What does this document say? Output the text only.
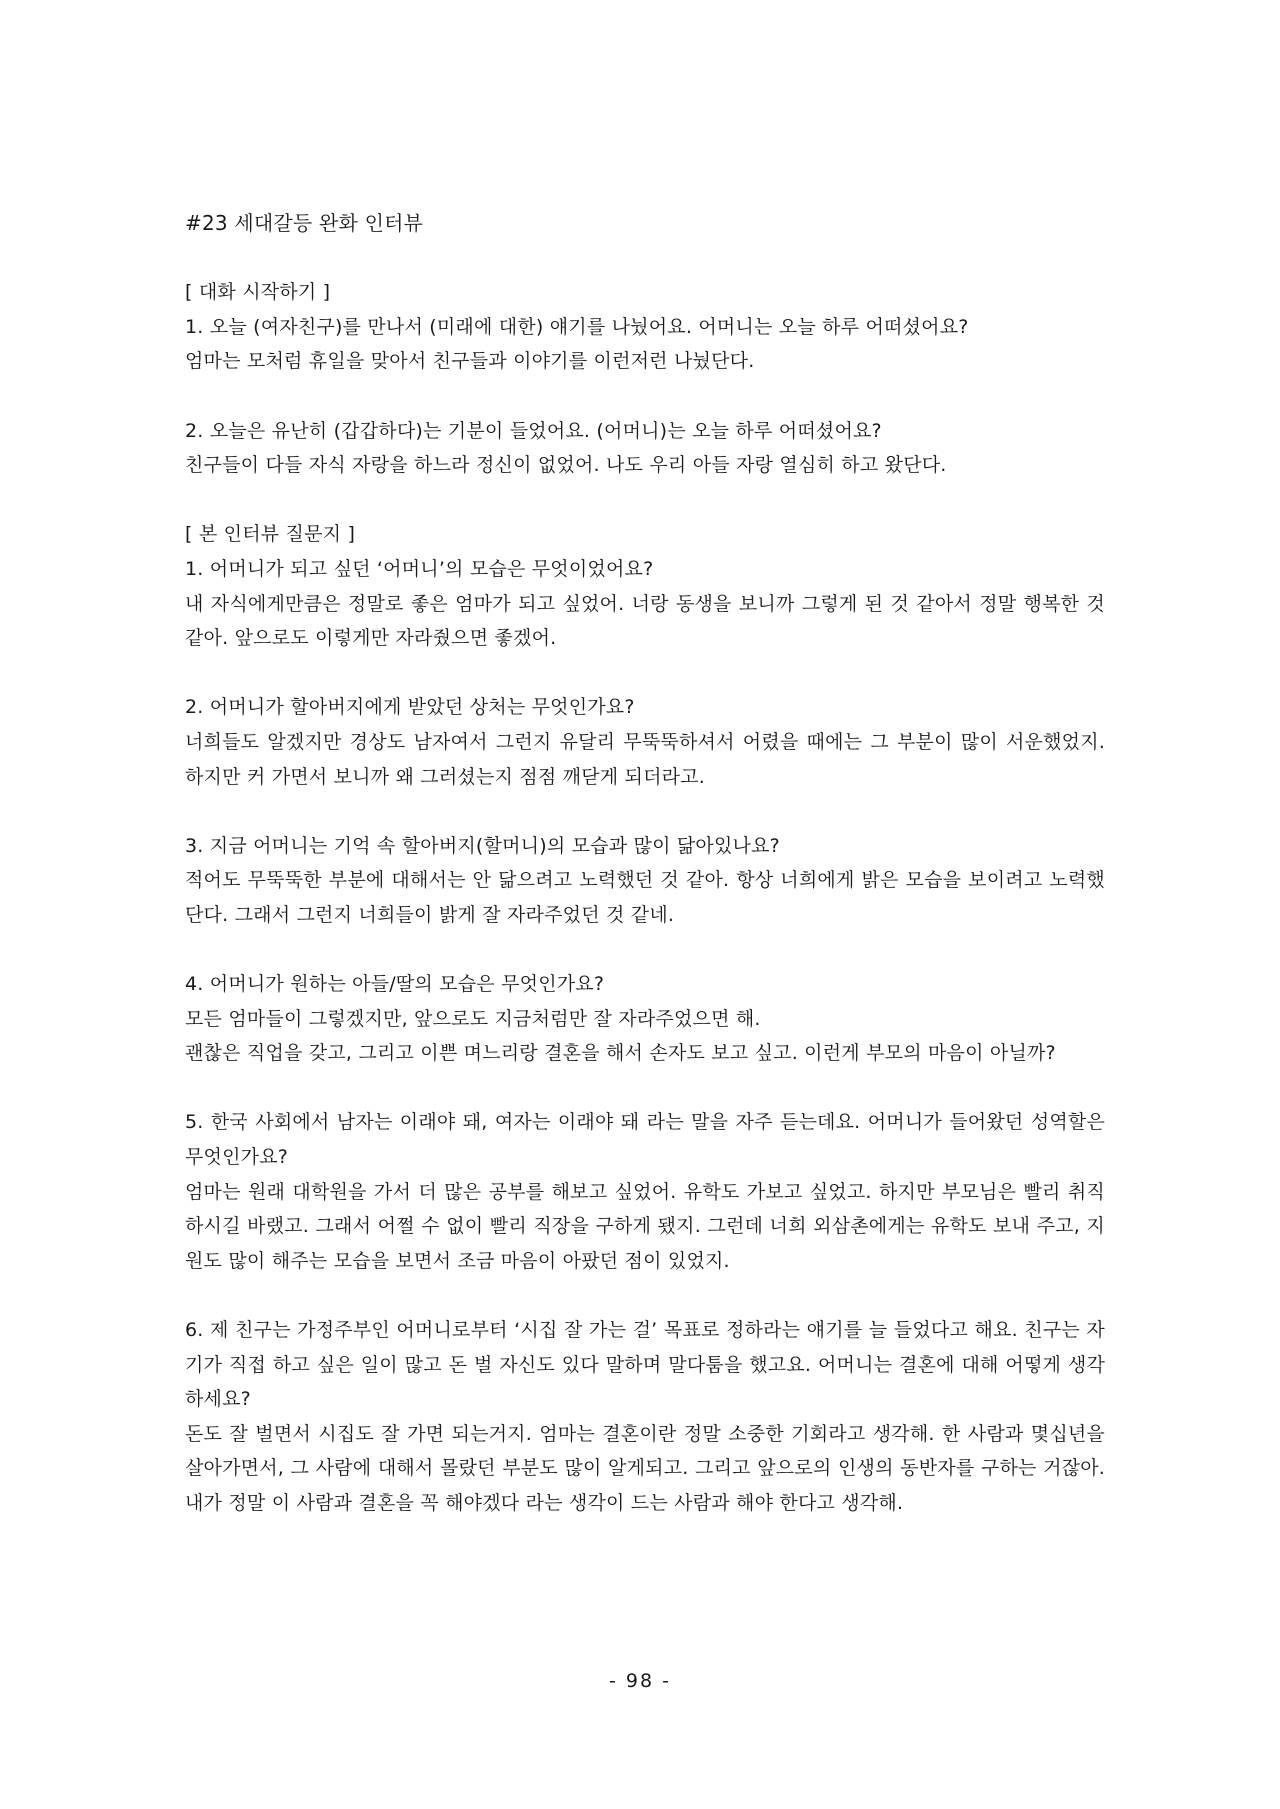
#23 세대갈등 완화 인터뷰

[ 대화 시작하기 ]

1. 오늘 (여자친구)를 만나서 (미래에 대한) 얘기를 나눴어요. 어머니는 오늘 하루 어떠셨어요?

엄마는 모처럼 휴일을 맞아서 친구들과 이야기를 이런저런 나눴단다.

2. 오늘은 유난히 (갑갑하다)는 기분이 들었어요. (어머니)는 오늘 하루 어떠셨어요?

친구들이 다들 자식 자랑을 하느라 정신이 없었어. 나도 우리 아들 자랑 열심히 하고 왔단다.

[ 본 인터뷰 질문지 ]

1. 어머니가 되고 싶던 ‘어머니’의 모습은 무엇이었어요?

내 자식에게만큼은 정말로 좋은 엄마가 되고 싶었어. 너랑 동생을 보니까 그렇게 된 것 같아서 정말 행복한 것 같아. 앞으로도 이렇게만 자라줬으면 좋겠어.

2. 어머니가 할아버지에게 받았던 상처는 무엇인가요?

너희들도 알겠지만 경상도 남자여서 그런지 유달리 무뚝뚝하셔서 어렸을 때에는 그 부분이 많이 서운했었지. 하지만 커 가면서 보니까 왜 그러셨는지 점점 깨닫게 되더라고.

3. 지금 어머니는 기억 속 할아버지(할머니)의 모습과 많이 닮아있나요?

적어도 무뚝뚝한 부분에 대해서는 안 닮으려고 노력했던 것 같아. 항상 너희에게 밝은 모습을 보이려고 노력했단다. 그래서 그런지 너희들이 밝게 잘 자라주었던 것 같네.

4. 어머니가 원하는 아들/딸의 모습은 무엇인가요?

모든 엄마들이 그렇겠지만, 앞으로도 지금처럼만 잘 자라주었으면 해.

괜찮은 직업을 갖고, 그리고 이쁜 며느리랑 결혼을 해서 손자도 보고 싶고. 이런게 부모의 마음이 아닐까?

5. 한국 사회에서 남자는 이래야 돼, 여자는 이래야 돼 라는 말을 자주 듣는데요. 어머니가 들어왔던 성역할은 무엇인가요?

엄마는 원래 대학원을 가서 더 많은 공부를 해보고 싶었어. 유학도 가보고 싶었고. 하지만 부모님은 빨리 취직하시길 바랬고. 그래서 어쩔 수 없이 빨리 직장을 구하게 됐지. 그런데 너희 외삼촌에게는 유학도 보내 주고, 지원도 많이 해주는 모습을 보면서 조금 마음이 아팠던 점이 있었지.

6. 제 친구는 가정주부인 어머니로부터 ‘시집 잘 가는 걸’ 목표로 정하라는 얘기를 늘 들었다고 해요. 친구는 자기가 직접 하고 싶은 일이 많고 돈 벌 자신도 있다 말하며 말다툼을 했고요. 어머니는 결혼에 대해 어떻게 생각하세요?

돈도 잘 벌면서 시집도 잘 가면 되는거지. 엄마는 결혼이란 정말 소중한 기회라고 생각해. 한 사람과 몇십년을 살아가면서, 그 사람에 대해서 몰랐던 부분도 많이 알게되고. 그리고 앞으로의 인생의 동반자를 구하는 거잖아. 내가 정말 이 사람과 결혼을 꼭 해야겠다 라는 생각이 드는 사람과 해야 한다고 생각해.

- 98 -
